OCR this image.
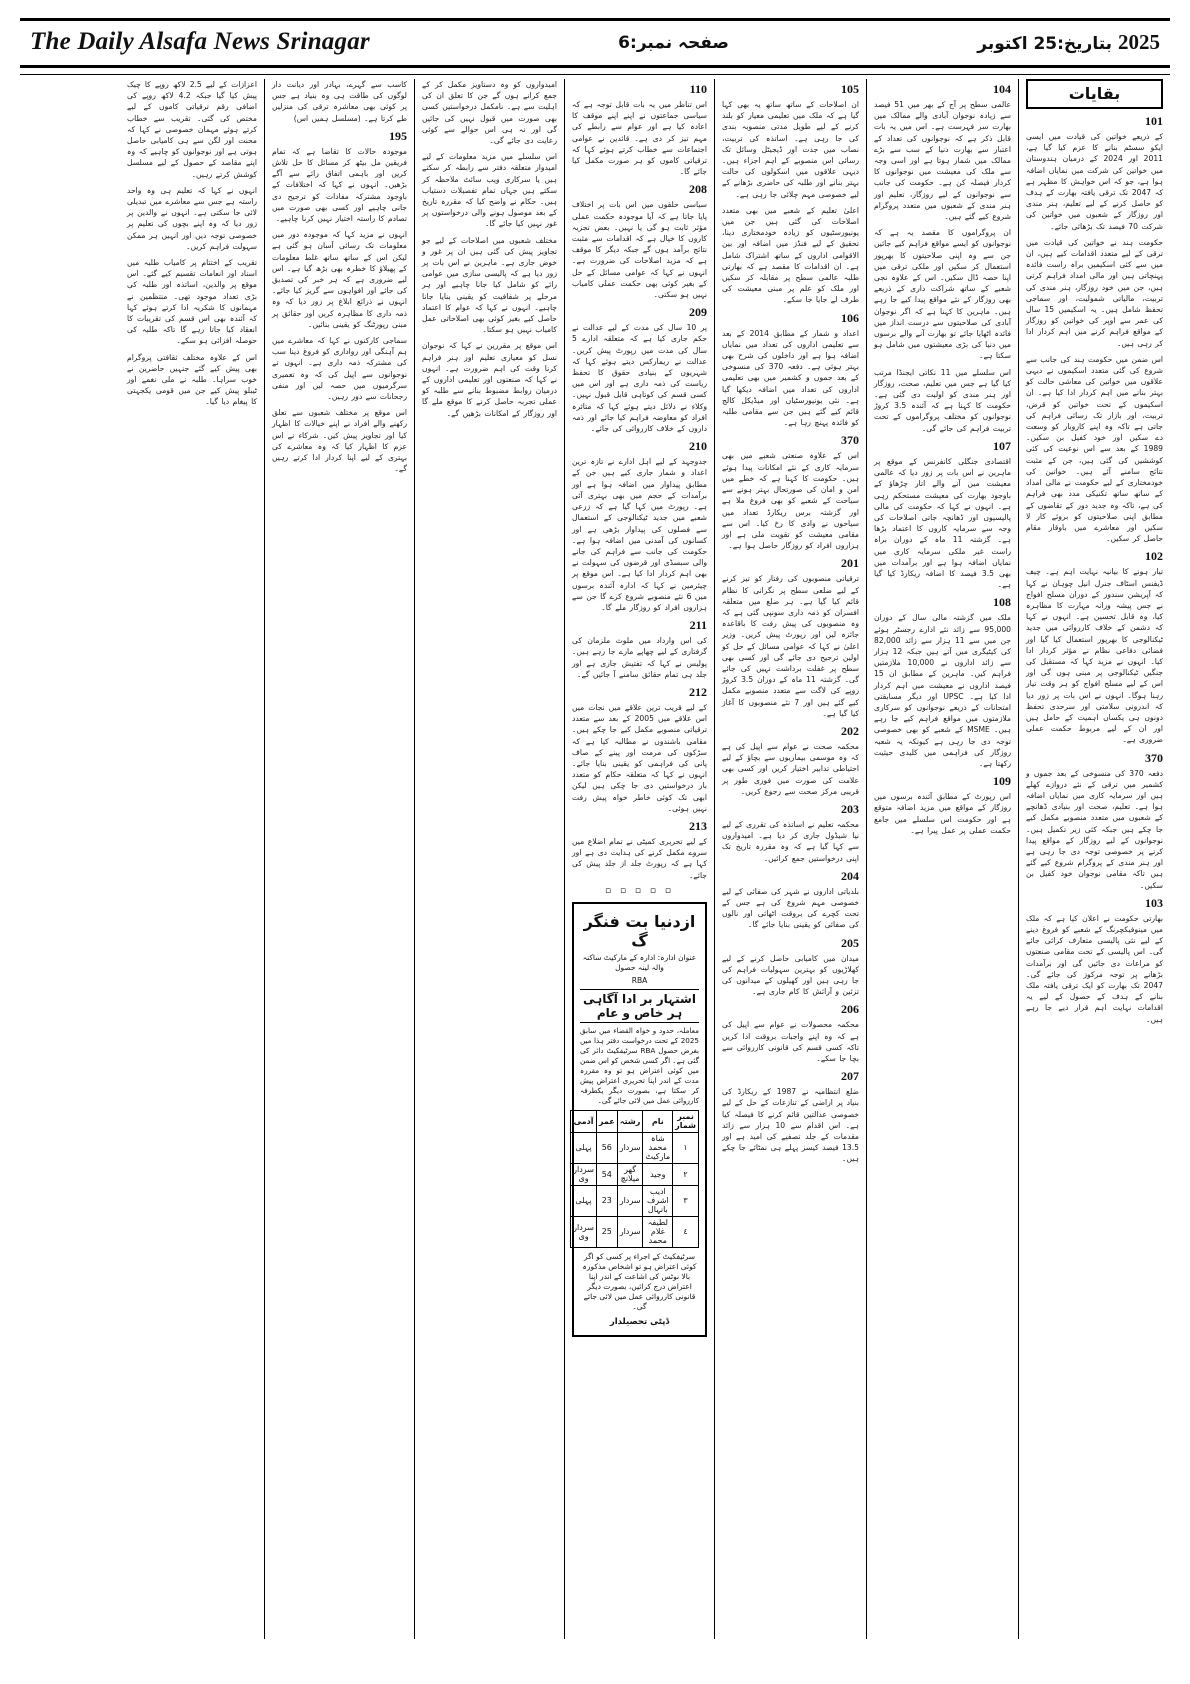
The Daily Alsafa News Srinagar	صفحہ نمبر:6	2025 بتاریخ:25 اکتوبر
بقایات
101

کے ذریعے خواتین کی قیادت میں ایسی ایکو سسٹم بنانے کا عزم کیا گیا ہے، 2011 اور 2024 کے درمیان ہندوستان میں خواتین کی شرکت میں نمایاں اضافہ ہوا ہے، جو کہ اس خواہش کا مظہر ہے کہ 2047 تک ترقی یافتہ بھارت کے ہدف کو حاصل کرنے کے لیے تعلیم، ہنر مندی اور روزگار کے شعبوں میں خواتین کی شرکت 70 فیصد تک بڑھائی جائے۔

حکومت ہند نے خواتین کی قیادت میں ترقی کے لیے متعدد اقدامات کیے ہیں، ان میں سے کئی اسکیمیں براہ راست فائدہ پہنچاتی ہیں اور مالی امداد فراہم کرتی ہیں، جن میں خود روزگار، ہنر مندی کی تربیت، مالیاتی شمولیت، اور سماجی تحفظ شامل ہیں۔ یہ اسکیمیں 15 سال کی عمر سے اوپر کی خواتین کو روزگار کے مواقع فراہم کرنے میں اہم کردار ادا کر رہی ہیں۔

اس ضمن میں حکومت ہند کی جانب سے شروع کی گئی متعدد اسکیموں نے دیہی علاقوں میں خواتین کی معاشی حالت کو بہتر بنانے میں اہم کردار ادا کیا ہے۔ ان اسکیموں کے تحت خواتین کو قرض، تربیت، اور بازار تک رسائی فراہم کی جاتی ہے تاکہ وہ اپنے کاروبار کو وسعت دے سکیں اور خود کفیل بن سکیں۔ 1989 کے بعد سے اس نوعیت کی کئی کوششیں کی گئی ہیں، جن کے مثبت نتائج سامنے آئے ہیں۔ خواتین کی خودمختاری کے لیے حکومت نے مالی امداد کے ساتھ ساتھ تکنیکی مدد بھی فراہم کی ہے، تاکہ وہ جدید دور کے تقاضوں کے مطابق اپنی صلاحیتوں کو بروئے کار لا سکیں اور معاشرے میں باوقار مقام حاصل کر سکیں۔

102

تیار ہونے کا بیانیہ نہایت اہم ہے۔ چیف ڈیفنس اسٹاف جنرل انیل چوہان نے کہا کہ آپریشن سندور کے دوران مسلح افواج نے جس پیشہ ورانہ مہارت کا مظاہرہ کیا، وہ قابل تحسین ہے۔ انہوں نے کہا کہ دشمن کے خلاف کارروائی میں جدید ٹیکنالوجی کا بھرپور استعمال کیا گیا اور فضائی دفاعی نظام نے مؤثر کردار ادا کیا۔ انہوں نے مزید کہا کہ مستقبل کی جنگیں ٹیکنالوجی پر مبنی ہوں گی اور اس کے لیے مسلح افواج کو ہر وقت تیار رہنا ہوگا۔ انہوں نے اس بات پر زور دیا کہ اندرونی سلامتی اور سرحدی تحفظ دونوں ہی یکساں اہمیت کے حامل ہیں اور ان کے لیے مربوط حکمت عملی ضروری ہے۔

370

دفعہ 370 کی منسوخی کے بعد جموں و کشمیر میں ترقی کے نئے دروازے کھلے ہیں اور سرمایہ کاری میں نمایاں اضافہ ہوا ہے۔ تعلیم، صحت اور بنیادی ڈھانچے کے شعبوں میں متعدد منصوبے مکمل کیے جا چکے ہیں جبکہ کئی زیر تکمیل ہیں۔ نوجوانوں کے لیے روزگار کے مواقع پیدا کرنے پر خصوصی توجہ دی جا رہی ہے اور ہنر مندی کے پروگرام شروع کیے گئے ہیں تاکہ مقامی نوجوان خود کفیل بن سکیں۔

103

بھارتی حکومت نے اعلان کیا ہے کہ ملک میں مینوفیکچرنگ کے شعبے کو فروغ دینے کے لیے نئی پالیسی متعارف کرائی جائے گی۔ اس پالیسی کے تحت مقامی صنعتوں کو مراعات دی جائیں گی اور برآمدات بڑھانے پر توجہ مرکوز کی جائے گی۔ 2047 تک بھارت کو ایک ترقی یافتہ ملک بنانے کے ہدف کے حصول کے لیے یہ اقدامات نہایت اہم قرار دیے جا رہے ہیں۔

104

عالمی سطح پر آج کے بھر میں 51 فیصد سے زیادہ نوجوان آبادی والے ممالک میں بھارت سر فہرست ہے۔ اس میں یہ بات قابل ذکر ہے کہ نوجوانوں کی تعداد کے اعتبار سے بھارت دنیا کے سب سے بڑے ممالک میں شمار ہوتا ہے اور اسی وجہ سے ملک کی معیشت میں نوجوانوں کا کردار فیصلہ کن ہے۔ حکومت کی جانب سے نوجوانوں کے لیے روزگار، تعلیم اور ہنر مندی کے شعبوں میں متعدد پروگرام شروع کیے گئے ہیں۔

ان پروگراموں کا مقصد یہ ہے کہ نوجوانوں کو ایسے مواقع فراہم کیے جائیں جن سے وہ اپنی صلاحیتوں کا بھرپور استعمال کر سکیں اور ملکی ترقی میں اپنا حصہ ڈال سکیں۔ اس کے علاوہ نجی شعبے کے ساتھ شراکت داری کے ذریعے بھی روزگار کے نئے مواقع پیدا کیے جا رہے ہیں۔ ماہرین کا کہنا ہے کہ اگر نوجوان آبادی کی صلاحیتوں سے درست انداز میں فائدہ اٹھایا جائے تو بھارت آنے والے برسوں میں دنیا کی بڑی معیشتوں میں شامل ہو سکتا ہے۔

اس سلسلے میں 11 نکاتی ایجنڈا مرتب کیا گیا ہے جس میں تعلیم، صحت، روزگار اور ہنر مندی کو اولیت دی گئی ہے۔ حکومت کا کہنا ہے کہ آئندہ 3.5 کروڑ نوجوانوں کو مختلف پروگراموں کے تحت تربیت فراہم کی جائے گی۔

107

اقتصادی جنگلی کانفرنس کے موقع پر ماہرین نے اس بات پر زور دیا کہ عالمی معیشت میں آنے والے اتار چڑھاؤ کے باوجود بھارت کی معیشت مستحکم رہی ہے۔ انہوں نے کہا کہ حکومت کی مالی پالیسیوں اور ڈھانچہ جاتی اصلاحات کی وجہ سے سرمایہ کاروں کا اعتماد بڑھا ہے۔ گزشتہ 11 ماہ کے دوران براہ راست غیر ملکی سرمایہ کاری میں نمایاں اضافہ ہوا ہے اور برآمدات میں بھی 3.5 فیصد کا اضافہ ریکارڈ کیا گیا ہے۔

108

ملک میں گزشتہ مالی سال کے دوران 95,000 سے زائد نئے ادارے رجسٹر ہوئے جن میں سے 11 ہزار سے زائد 82,000 کی کیٹیگری میں آتے ہیں جبکہ 12 ہزار سے زائد اداروں نے 10,000 ملازمتیں فراہم کیں۔ ماہرین کے مطابق ان 15 فیصد اداروں نے معیشت میں اہم کردار ادا کیا ہے۔ UPSC اور دیگر مسابقتی امتحانات کے ذریعے نوجوانوں کو سرکاری ملازمتوں میں مواقع فراہم کیے جا رہے ہیں۔ MSME کے شعبے کو بھی خصوصی توجہ دی جا رہی ہے کیونکہ یہ شعبہ روزگار کی فراہمی میں کلیدی حیثیت رکھتا ہے۔

109

اس رپورٹ کے مطابق آئندہ برسوں میں روزگار کے مواقع میں مزید اضافہ متوقع ہے اور حکومت اس سلسلے میں جامع حکمت عملی پر عمل پیرا ہے۔

105

ان اصلاحات کے ساتھ ساتھ یہ بھی کہا گیا ہے کہ ملک میں تعلیمی معیار کو بلند کرنے کے لیے طویل مدتی منصوبہ بندی کی جا رہی ہے۔ اساتذہ کی تربیت، نصاب میں جدت اور ڈیجیٹل وسائل تک رسائی اس منصوبے کے اہم اجزاء ہیں۔ دیہی علاقوں میں اسکولوں کی حالت بہتر بنانے اور طلبہ کی حاضری بڑھانے کے لیے خصوصی مہم چلائی جا رہی ہے۔

اعلیٰ تعلیم کے شعبے میں بھی متعدد اصلاحات کی گئی ہیں جن میں یونیورسٹیوں کو زیادہ خودمختاری دینا، تحقیق کے لیے فنڈز میں اضافہ اور بین الاقوامی اداروں کے ساتھ اشتراک شامل ہے۔ ان اقدامات کا مقصد ہے کہ بھارتی طلبہ عالمی سطح پر مقابلہ کر سکیں اور ملک کو علم پر مبنی معیشت کی طرف لے جایا جا سکے۔

106

اعداد و شمار کے مطابق 2014 کے بعد سے تعلیمی اداروں کی تعداد میں نمایاں اضافہ ہوا ہے اور داخلوں کی شرح بھی بہتر ہوئی ہے۔ دفعہ 370 کی منسوخی کے بعد جموں و کشمیر میں بھی تعلیمی اداروں کی تعداد میں اضافہ دیکھا گیا ہے۔ نئی یونیورسٹیاں اور میڈیکل کالج قائم کیے گئے ہیں جن سے مقامی طلبہ کو فائدہ پہنچ رہا ہے۔

370

اس کے علاوہ صنعتی شعبے میں بھی سرمایہ کاری کے نئے امکانات پیدا ہوئے ہیں۔ حکومت کا کہنا ہے کہ خطے میں امن و امان کی صورتحال بہتر ہونے سے سیاحت کے شعبے کو بھی فروغ ملا ہے اور گزشتہ برس ریکارڈ تعداد میں سیاحوں نے وادی کا رخ کیا۔ اس سے مقامی معیشت کو تقویت ملی ہے اور ہزاروں افراد کو روزگار حاصل ہوا ہے۔

201

ترقیاتی منصوبوں کی رفتار کو تیز کرنے کے لیے ضلعی سطح پر نگرانی کا نظام قائم کیا گیا ہے۔ ہر ضلع میں متعلقہ افسران کو ذمہ داری سونپی گئی ہے کہ وہ منصوبوں کی پیش رفت کا باقاعدہ جائزہ لیں اور رپورٹ پیش کریں۔ وزیر اعلیٰ نے کہا کہ عوامی مسائل کے حل کو اولین ترجیح دی جائے گی اور کسی بھی سطح پر غفلت برداشت نہیں کی جائے گی۔ گزشتہ 11 ماہ کے دوران 3.5 کروڑ روپے کی لاگت سے متعدد منصوبے مکمل کیے گئے ہیں اور 7 نئے منصوبوں کا آغاز کیا گیا ہے۔

202

محکمہ صحت نے عوام سے اپیل کی ہے کہ وہ موسمی بیماریوں سے بچاؤ کے لیے احتیاطی تدابیر اختیار کریں اور کسی بھی علامت کی صورت میں فوری طور پر قریبی مرکز صحت سے رجوع کریں۔

203

محکمہ تعلیم نے اساتذہ کی تقرری کے لیے نیا شیڈول جاری کر دیا ہے۔ امیدواروں سے کہا گیا ہے کہ وہ مقررہ تاریخ تک اپنی درخواستیں جمع کرائیں۔

204

بلدیاتی اداروں نے شہر کی صفائی کے لیے خصوصی مہم شروع کی ہے جس کے تحت کچرے کی بروقت اٹھائی اور نالوں کی صفائی کو یقینی بنایا جائے گا۔

205

میدان میں کامیابی حاصل کرنے کے لیے کھلاڑیوں کو بہترین سہولیات فراہم کی جا رہی ہیں اور کھیلوں کے میدانوں کی تزئین و آرائش کا کام جاری ہے۔

206

محکمہ محصولات نے عوام سے اپیل کی ہے کہ وہ اپنے واجبات بروقت ادا کریں تاکہ کسی قسم کی قانونی کارروائی سے بچا جا سکے۔

207

ضلع انتظامیہ نے 1987 کے ریکارڈ کی بنیاد پر اراضی کے تنازعات کے حل کے لیے خصوصی عدالتیں قائم کرنے کا فیصلہ کیا ہے۔ اس اقدام سے 10 ہزار سے زائد مقدمات کے جلد تصفیے کی امید ہے اور 13.5 فیصد کیسز پہلے ہی نمٹائے جا چکے ہیں۔

110

اس تناظر میں یہ بات قابل توجہ ہے کہ سیاسی جماعتوں نے اپنے اپنے موقف کا اعادہ کیا ہے اور عوام سے رابطے کی مہم تیز کر دی ہے۔ قائدین نے عوامی اجتماعات سے خطاب کرتے ہوئے کہا کہ ترقیاتی کاموں کو ہر صورت مکمل کیا جائے گا۔

208

سیاسی حلقوں میں اس بات پر اختلاف پایا جاتا ہے کہ آیا موجودہ حکمت عملی مؤثر ثابت ہو گی یا نہیں۔ بعض تجزیہ کاروں کا خیال ہے کہ اقدامات سے مثبت نتائج برآمد ہوں گے جبکہ دیگر کا موقف ہے کہ مزید اصلاحات کی ضرورت ہے۔ انہوں نے کہا کہ عوامی مسائل کے حل کے بغیر کوئی بھی حکمت عملی کامیاب نہیں ہو سکتی۔

209

پر 10 سال کی مدت کے لیے عدالت نے حکم جاری کیا ہے کہ متعلقہ ادارے 5 سال کی مدت میں رپورٹ پیش کریں۔ عدالت نے ریمارکس دیتے ہوئے کہا کہ شہریوں کے بنیادی حقوق کا تحفظ ریاست کی ذمہ داری ہے اور اس میں کسی قسم کی کوتاہی قابل قبول نہیں۔ وکلاء نے دلائل دیتے ہوئے کہا کہ متاثرہ افراد کو معاوضہ فراہم کیا جائے اور ذمہ داروں کے خلاف کارروائی کی جائے۔

210

جدوجہد کے لیے اہل ادارے نے تازہ ترین اعداد و شمار جاری کیے ہیں جن کے مطابق پیداوار میں اضافہ ہوا ہے اور برآمدات کے حجم میں بھی بہتری آئی ہے۔ رپورٹ میں کہا گیا ہے کہ زرعی شعبے میں جدید ٹیکنالوجی کے استعمال سے فصلوں کی پیداوار بڑھی ہے اور کسانوں کی آمدنی میں اضافہ ہوا ہے۔ حکومت کی جانب سے فراہم کی جانے والی سبسڈی اور قرضوں کی سہولت نے بھی اہم کردار ادا کیا ہے۔ اس موقع پر چیئرمین نے کہا کہ ادارہ آئندہ برسوں میں 6 نئے منصوبے شروع کرے گا جن سے ہزاروں افراد کو روزگار ملے گا۔

211

کی اس وارداد میں ملوث ملزمان کی گرفتاری کے لیے چھاپے مارے جا رہے ہیں۔ پولیس نے کہا کہ تفتیش جاری ہے اور جلد ہی تمام حقائق سامنے آ جائیں گے۔

212

کے لیے قریب ترین علاقے میں نجات میں اس علاقے میں 2005 کے بعد سے متعدد ترقیاتی منصوبے مکمل کیے جا چکے ہیں۔ مقامی باشندوں نے مطالبہ کیا ہے کہ سڑکوں کی مرمت اور پینے کے صاف پانی کی فراہمی کو یقینی بنایا جائے۔ انہوں نے کہا کہ متعلقہ حکام کو متعدد بار درخواستیں دی جا چکی ہیں لیکن ابھی تک کوئی خاطر خواہ پیش رفت نہیں ہوئی۔

213

کے لیے تحریری کمیٹی نے تمام اضلاع میں سروے مکمل کرنے کی ہدایت دی ہے اور کہا ہے کہ رپورٹ جلد از جلد پیش کی جائے۔

▫ ▫ ▫ ▫ ▫
ازدنیا بت فنگر گ
عنوان ادارہ: ادارہ کے مارکیٹ ساکنہ والہ لینہ حصول
RBA
اشتہار بر ادا آگاہی ہر خاص و عام
معاملہ، حدود و خواہ القضاء میں سابق 2025 کے تحت درخواست دفتر ہذا میں بغرض حصول RBA سرٹیفکیٹ دائر کی گئی ہے۔ اگر کسی شخص کو اس ضمن میں کوئی اعتراض ہو تو وہ مقررہ مدت کے اندر اپنا تحریری اعتراض پیش کر سکتا ہے، بصورت دیگر یکطرفہ کارروائی عمل میں لائی جائے گی۔
نمبر شمار	نام	رشتہ	عمر	آدمی
١	شاہ محمد مارکیٹ	سردار	56	پہلی
٢	وجید	گھر میلانچ	54	سردار وی
٣	ادیب اشرف بانہال	سردار	23	پہلی
٤	لطیفہ غلام محمد	سردار	25	سردار وی
سرٹیفکیٹ کے اجراء پر کسی کو اگر کوئی اعتراض ہو تو اشخاص مذکورہ بالا نوٹس کی اشاعت کے اندر اپنا اعتراض درج کرائیں، بصورت دیگر قانونی کارروائی عمل میں لائی جائے گی۔
ڈپٹی تحصیلدار

امیدواروں کو وہ دستاویز مکمل کر کے جمع کرانے ہوں گے جن کا تعلق ان کی اہلیت سے ہے۔ نامکمل درخواستیں کسی بھی صورت میں قبول نہیں کی جائیں گی اور نہ ہی اس حوالے سے کوئی رعایت دی جائے گی۔

اس سلسلے میں مزید معلومات کے لیے امیدوار متعلقہ دفتر سے رابطہ کر سکتے ہیں یا سرکاری ویب سائٹ ملاحظہ کر سکتے ہیں جہاں تمام تفصیلات دستیاب ہیں۔ حکام نے واضح کیا کہ مقررہ تاریخ کے بعد موصول ہونے والی درخواستوں پر غور نہیں کیا جائے گا۔

مختلف شعبوں میں اصلاحات کے لیے جو تجاویز پیش کی گئی ہیں ان پر غور و خوض جاری ہے۔ ماہرین نے اس بات پر زور دیا ہے کہ پالیسی سازی میں عوامی رائے کو شامل کیا جانا چاہیے اور ہر مرحلے پر شفافیت کو یقینی بنایا جانا چاہیے۔ انہوں نے کہا کہ عوام کا اعتماد حاصل کیے بغیر کوئی بھی اصلاحاتی عمل کامیاب نہیں ہو سکتا۔

اس موقع پر مقررین نے کہا کہ نوجوان نسل کو معیاری تعلیم اور ہنر فراہم کرنا وقت کی اہم ضرورت ہے۔ انہوں نے کہا کہ صنعتوں اور تعلیمی اداروں کے درمیان روابط مضبوط بنانے سے طلبہ کو عملی تجربہ حاصل کرنے کا موقع ملے گا اور روزگار کے امکانات بڑھیں گے۔

کاسب سے گہرے، بہادر اور دیانت دار لوگوں کی طاقت ہی وہ بنیاد ہے جس پر کوئی بھی معاشرہ ترقی کی منزلیں طے کرتا ہے۔ (مسلسل ہمیں اس)

195

موجودہ حالات کا تقاضا ہے کہ تمام فریقین مل بیٹھ کر مسائل کا حل تلاش کریں اور باہمی اتفاق رائے سے آگے بڑھیں۔ انہوں نے کہا کہ اختلافات کے باوجود مشترکہ مفادات کو ترجیح دی جانی چاہیے اور کسی بھی صورت میں تصادم کا راستہ اختیار نہیں کرنا چاہیے۔

انہوں نے مزید کہا کہ موجودہ دور میں معلومات تک رسائی آسان ہو گئی ہے لیکن اس کے ساتھ ساتھ غلط معلومات کے پھیلاؤ کا خطرہ بھی بڑھ گیا ہے۔ اس لیے ضروری ہے کہ ہر خبر کی تصدیق کی جائے اور افواہوں سے گریز کیا جائے۔ انہوں نے ذرائع ابلاغ پر زور دیا کہ وہ ذمہ داری کا مظاہرہ کریں اور حقائق پر مبنی رپورٹنگ کو یقینی بنائیں۔

سماجی کارکنوں نے کہا کہ معاشرے میں ہم آہنگی اور رواداری کو فروغ دینا سب کی مشترکہ ذمہ داری ہے۔ انہوں نے نوجوانوں سے اپیل کی کہ وہ تعمیری سرگرمیوں میں حصہ لیں اور منفی رجحانات سے دور رہیں۔

اس موقع پر مختلف شعبوں سے تعلق رکھنے والے افراد نے اپنے خیالات کا اظہار کیا اور تجاویز پیش کیں۔ شرکاء نے اس عزم کا اظہار کیا کہ وہ معاشرے کی بہتری کے لیے اپنا کردار ادا کرتے رہیں گے۔

اعزازات کے لیے 2.5 لاکھ روپے کا چیک پیش کیا گیا جبکہ 4.2 لاکھ روپے کی اضافی رقم ترقیاتی کاموں کے لیے مختص کی گئی۔ تقریب سے خطاب کرتے ہوئے مہمان خصوصی نے کہا کہ محنت اور لگن سے ہی کامیابی حاصل ہوتی ہے اور نوجوانوں کو چاہیے کہ وہ اپنے مقاصد کے حصول کے لیے مسلسل کوشش کرتے رہیں۔

انہوں نے کہا کہ تعلیم ہی وہ واحد راستہ ہے جس سے معاشرے میں تبدیلی لائی جا سکتی ہے۔ انہوں نے والدین پر زور دیا کہ وہ اپنے بچوں کی تعلیم پر خصوصی توجہ دیں اور انہیں ہر ممکن سہولت فراہم کریں۔

تقریب کے اختتام پر کامیاب طلبہ میں اسناد اور انعامات تقسیم کیے گئے۔ اس موقع پر والدین، اساتذہ اور طلبہ کی بڑی تعداد موجود تھی۔ منتظمین نے مہمانوں کا شکریہ ادا کرتے ہوئے کہا کہ آئندہ بھی اس قسم کی تقریبات کا انعقاد کیا جاتا رہے گا تاکہ طلبہ کی حوصلہ افزائی ہو سکے۔

اس کے علاوہ مختلف ثقافتی پروگرام بھی پیش کیے گئے جنہیں حاضرین نے خوب سراہا۔ طلبہ نے ملی نغمے اور ٹیبلو پیش کیے جن میں قومی یکجہتی کا پیغام دیا گیا۔
